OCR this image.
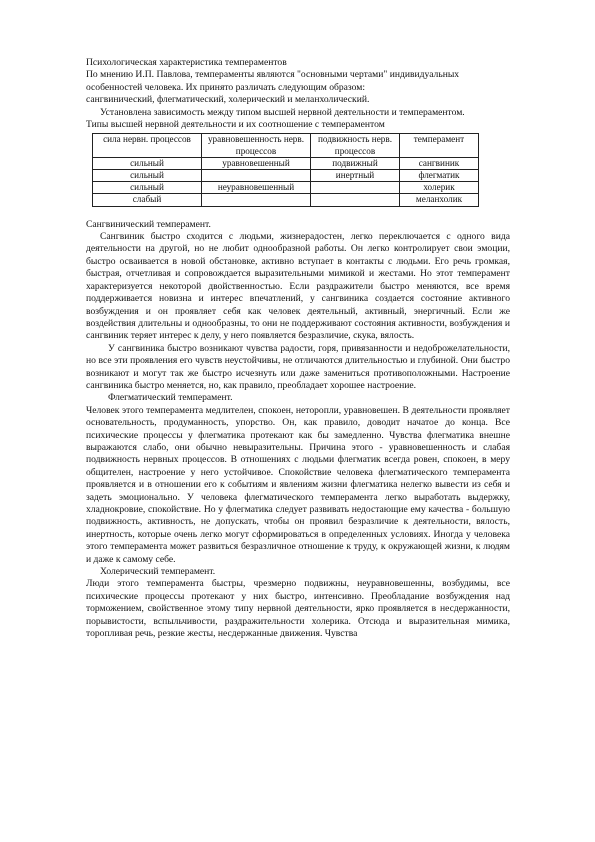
Психологическая характеристика темпераментов

По мнению И.П. Павлова, темпераменты являются "основными чертами" индивидуальных

особенностей человека. Их принято различать следующим образом:

сангвинический, флегматический, холерический и меланхолический.

Установлена зависимость между типом высшей нервной деятельности и темпераментом.

Типы высшей нервной деятельности и их соотношение с темпераментом

сила нервн. процессов	уравновешенность нерв. процессов	подвижность нерв. процессов	темперамент
сильный	уравновешенный	подвижный	сангвиник
сильный		инертный	флегматик
сильный	неуравновешенный		холерик
слабый			меланхолик

Сангвинический темперамент.

Сангвиник быстро сходится с людьми, жизнерадостен, легко переключается с одного вида деятельности на другой, но не любит однообразной работы. Он легко контролирует свои эмоции, быстро осваивается в новой обстановке, активно вступает в контакты с людьми. Его речь громкая, быстрая, отчетливая и сопровождается выразительными мимикой и жестами. Но этот темперамент характеризуется некоторой двойственностью. Если раздражители быстро меняются, все время поддерживается новизна и интерес впечатлений, у сангвиника создается состояние активного возбуждения и он проявляет себя как человек деятельный, активный, энергичный. Если же воздействия длительны и однообразны, то они не поддерживают состояния активности, возбуждения и сангвиник теряет интерес к делу, у него появляется безразличие, скука, вялость.

У сангвиника быстро возникают чувства радости, горя, привязанности и недоброжелательности, но все эти проявления его чувств неустойчивы, не отличаются длительностью и глубиной. Они быстро возникают и могут так же быстро исчезнуть или даже замениться противоположными. Настроение сангвиника быстро меняется, но, как правило, преобладает хорошее настроение.

Флегматический темперамент.

Человек этого темперамента медлителен, спокоен, неторопли, уравновешен. В деятельности проявляет основательность, продуманность, упорство. Он, как правило, доводит начатое до конца. Все психические процессы у флегматика протекают как бы замедленно. Чувства флегматика внешне выражаются слабо, они обычно невыразительны. Причина этого - уравновешенность и слабая подвижность нервных процессов. В отношениях с людьми флегматик всегда ровен, спокоен, в меру общителен, настроение у него устойчивое. Спокойствие человека флегматического темперамента проявляется и в отношении его к событиям и явлениям жизни флегматика нелегко вывести из себя и задеть эмоционально. У человека флегматического темперамента легко выработать выдержку, хладнокровие, спокойствие. Но у флегматика следует развивать недостающие ему качества - большую подвижность, активность, не допускать, чтобы он проявил безразличие к деятельности, вялость, инертность, которые очень легко могут сформироваться в определенных условиях. Иногда у человека этого темперамента может развиться безразличное отношение к труду, к окружающей жизни, к людям и даже к самому себе.

Холерический темперамент.

Люди этого темперамента быстры, чрезмерно подвижны, неуравновешенны, возбудимы, все психические процессы протекают у них быстро, интенсивно. Преобладание возбуждения над торможением, свойственное этому типу нервной деятельности, ярко проявляется в несдержанности, порывистости, вспыльчивости, раздражительности холерика. Отсюда и выразительная мимика, торопливая речь, резкие жесты, несдержанные движения. Чувства
